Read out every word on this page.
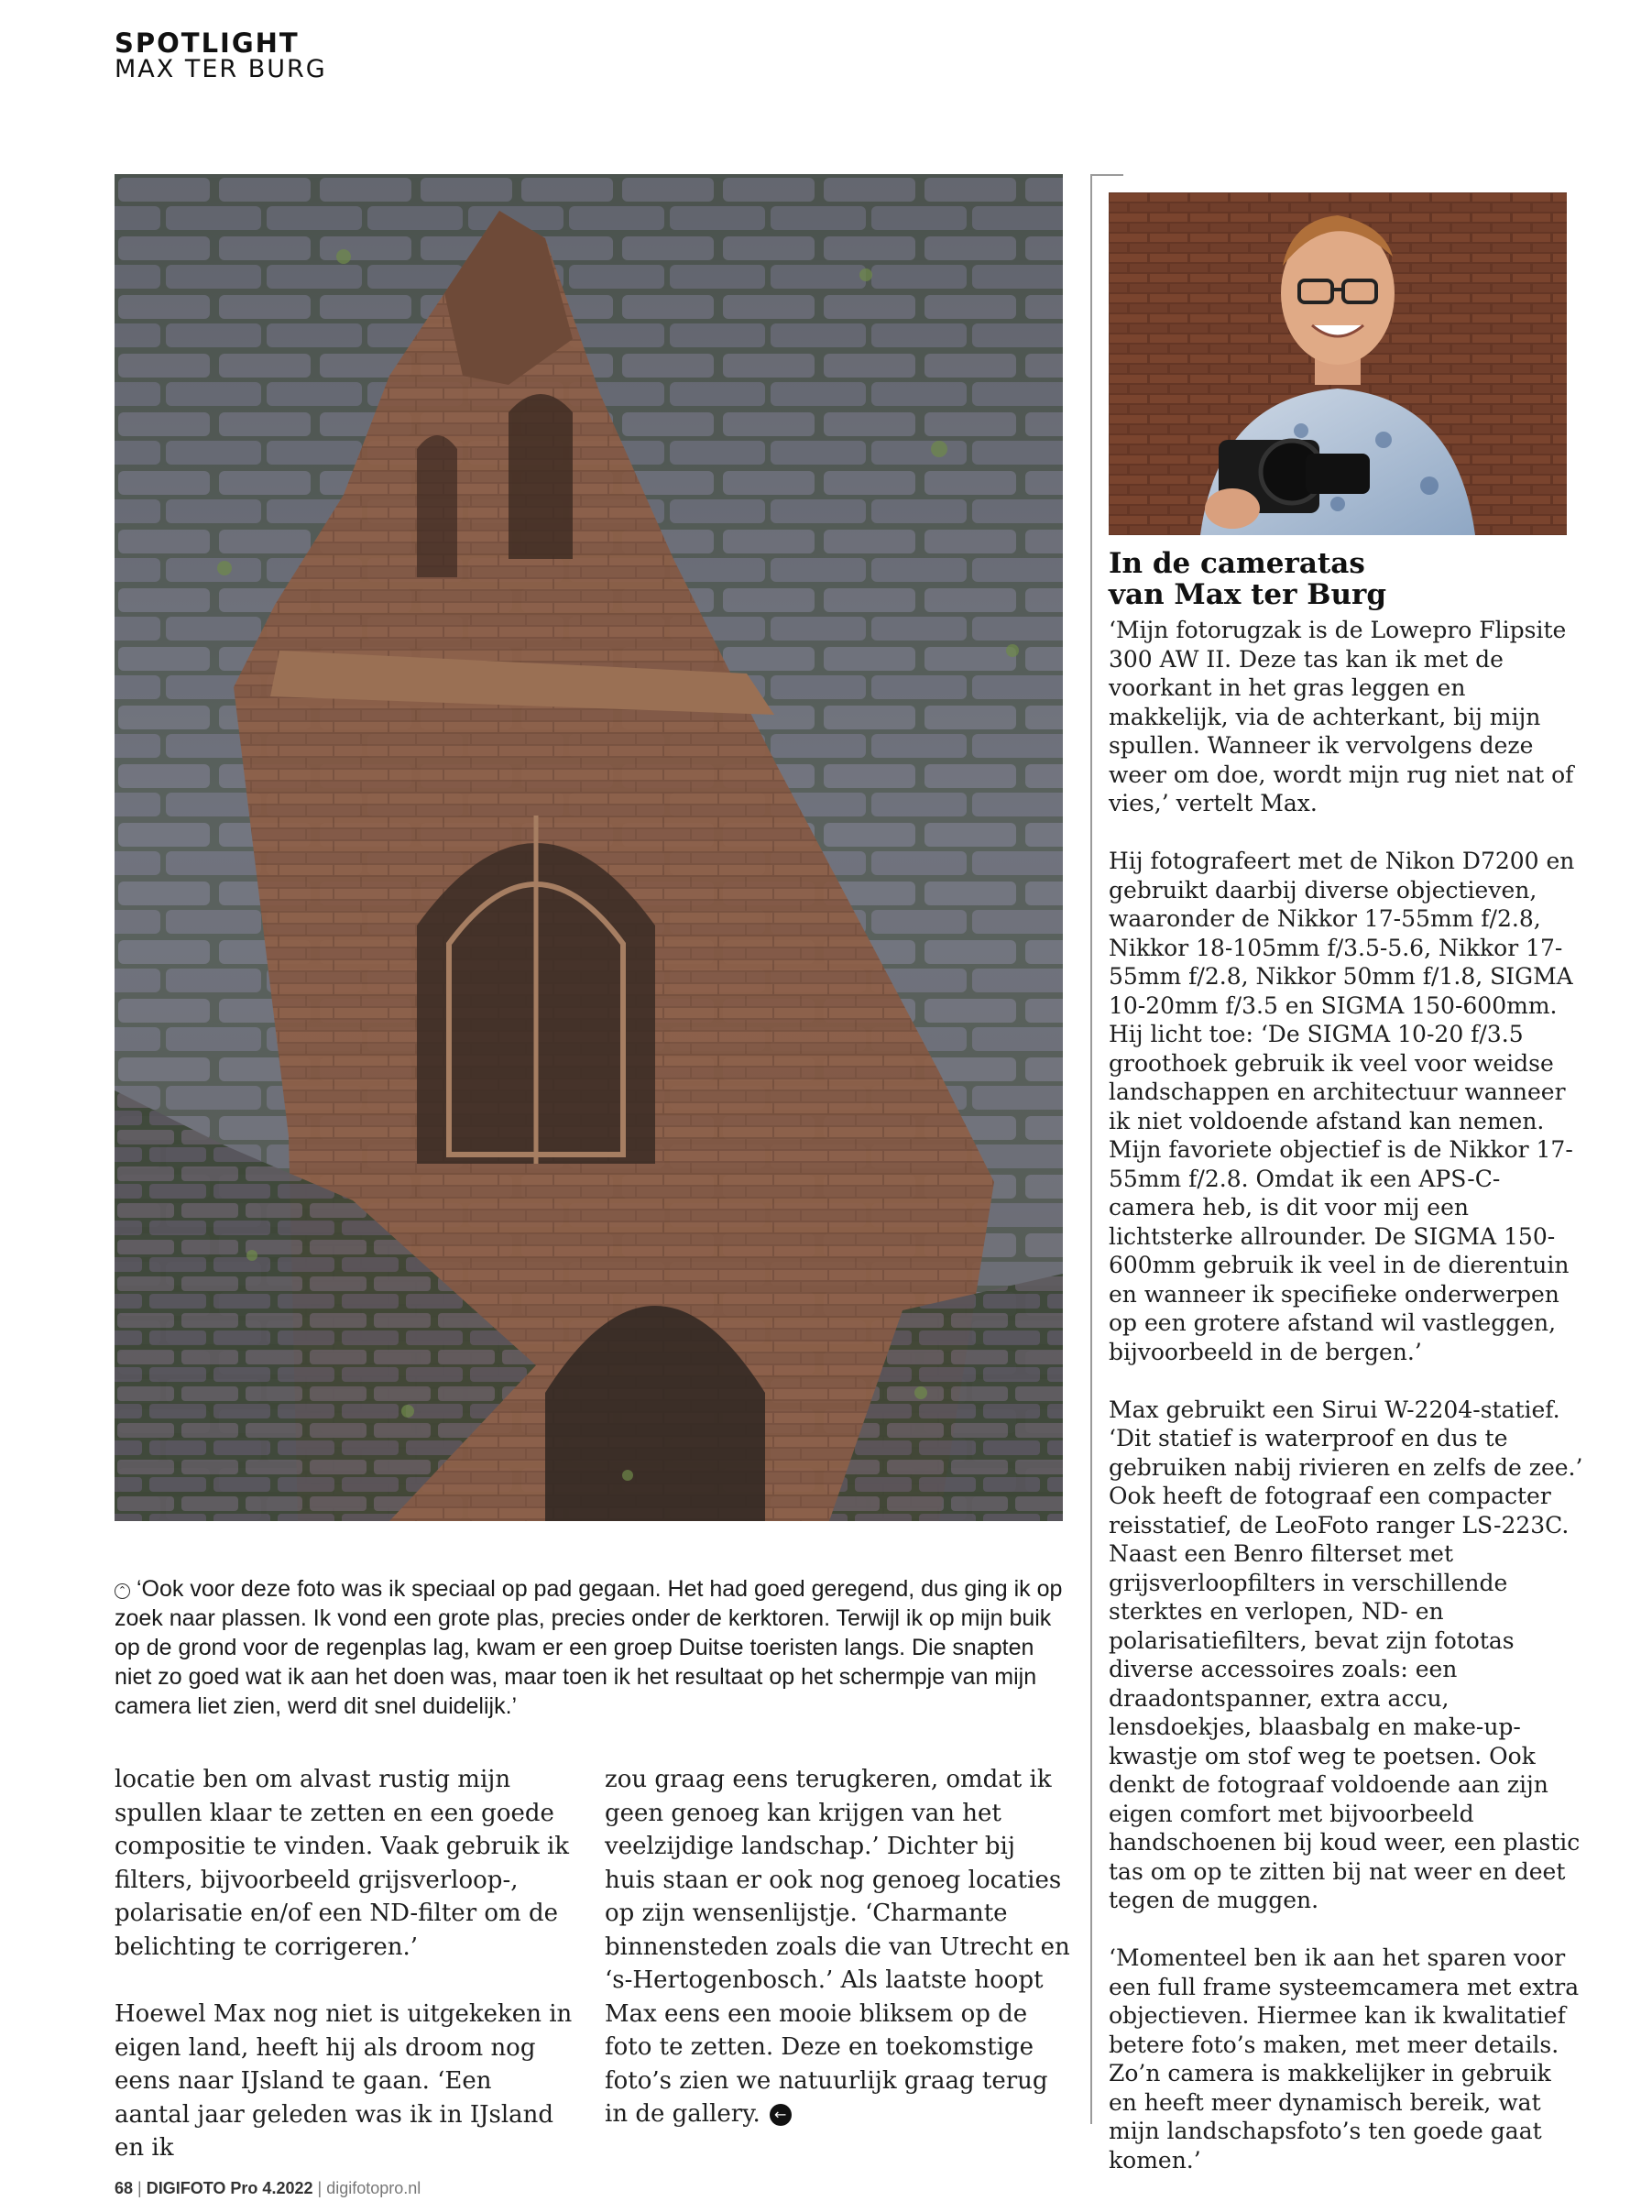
SPOTLIGHT
MAX TER BURG
⌃ ‘Ook voor deze foto was ik speciaal op pad gegaan. Het had goed geregend, dus ging ik op zoek naar plassen. Ik vond een grote plas, precies onder de kerktoren. Terwijl ik op mijn buik op de grond voor de regenplas lag, kwam er een groep Duitse toeristen langs. Die snapten niet zo goed wat ik aan het doen was, maar toen ik het resultaat op het schermpje van mijn camera liet zien, werd dit snel duidelijk.’

locatie ben om alvast rustig mijn spullen klaar te zetten en een goede compositie te vinden. Vaak gebruik ik filters, bijvoorbeeld grijsverloop-, polarisatie en/of een ND-filter om de belichting te corrigeren.’

Hoewel Max nog niet is uitgekeken in eigen land, heeft hij als droom nog eens naar IJsland te gaan. ‘Een aantal jaar geleden was ik in IJsland en ik

zou graag eens terugkeren, omdat ik geen genoeg kan krijgen van het veelzijdige landschap.’ Dichter bij huis staan er ook nog genoeg locaties op zijn wensenlijstje. ‘Charmante binnensteden zoals die van Utrecht en ‘s-Hertogenbosch.’ Als laatste hoopt Max eens een mooie bliksem op de foto te zetten. Deze en toekomstige foto’s zien we natuurlijk graag terug in de gallery. ←

In de cameratas
van Max ter Burg

‘Mijn fotorugzak is de Lowepro Flipsite 300 AW II. Deze tas kan ik met de voorkant in het gras leggen en makkelijk, via de achterkant, bij mijn spullen. Wanneer ik vervolgens deze weer om doe, wordt mijn rug niet nat of vies,’ vertelt Max.

Hij fotografeert met de Nikon D7200 en gebruikt daarbij diverse objectieven, waaronder de Nikkor 17-55mm f/2.8, Nikkor 18-105mm f/3.5-5.6, Nikkor 17-55mm f/2.8, Nikkor 50mm f/1.8, SIGMA 10-20mm f/3.5 en SIGMA 150-600mm. Hij licht toe: ‘De SIGMA 10-20 f/3.5 groothoek gebruik ik veel voor weidse landschappen en architectuur wanneer ik niet voldoende afstand kan nemen. Mijn favoriete objectief is de Nikkor 17-55mm f/2.8. Omdat ik een APS-C-camera heb, is dit voor mij een lichtsterke allrounder. De SIGMA 150-600mm gebruik ik veel in de dierentuin en wanneer ik specifieke onderwerpen op een grotere afstand wil vastleggen, bijvoorbeeld in de bergen.’

Max gebruikt een Sirui W-2204-statief. ‘Dit statief is waterproof en dus te gebruiken nabij rivieren en zelfs de zee.’ Ook heeft de fotograaf een compacter reisstatief, de LeoFoto ranger LS-223C. Naast een Benro filterset met grijsverloopfilters in verschillende sterktes en verlopen, ND- en polarisatiefilters, bevat zijn fototas diverse accessoires zoals: een draadontspanner, extra accu, lensdoekjes, blaasbalg en make-up-kwastje om stof weg te poetsen. Ook denkt de fotograaf voldoende aan zijn eigen comfort met bijvoorbeeld handschoenen bij koud weer, een plastic tas om op te zitten bij nat weer en deet tegen de muggen.

‘Momenteel ben ik aan het sparen voor een full frame systeemcamera met extra objectieven. Hiermee kan ik kwalitatief betere foto’s maken, met meer details. Zo’n camera is makkelijker in gebruik en heeft meer dynamisch bereik, wat mijn landschapsfoto’s ten goede gaat komen.’

68 | DIGIFOTO Pro 4.2022 | digifotopro.nl
